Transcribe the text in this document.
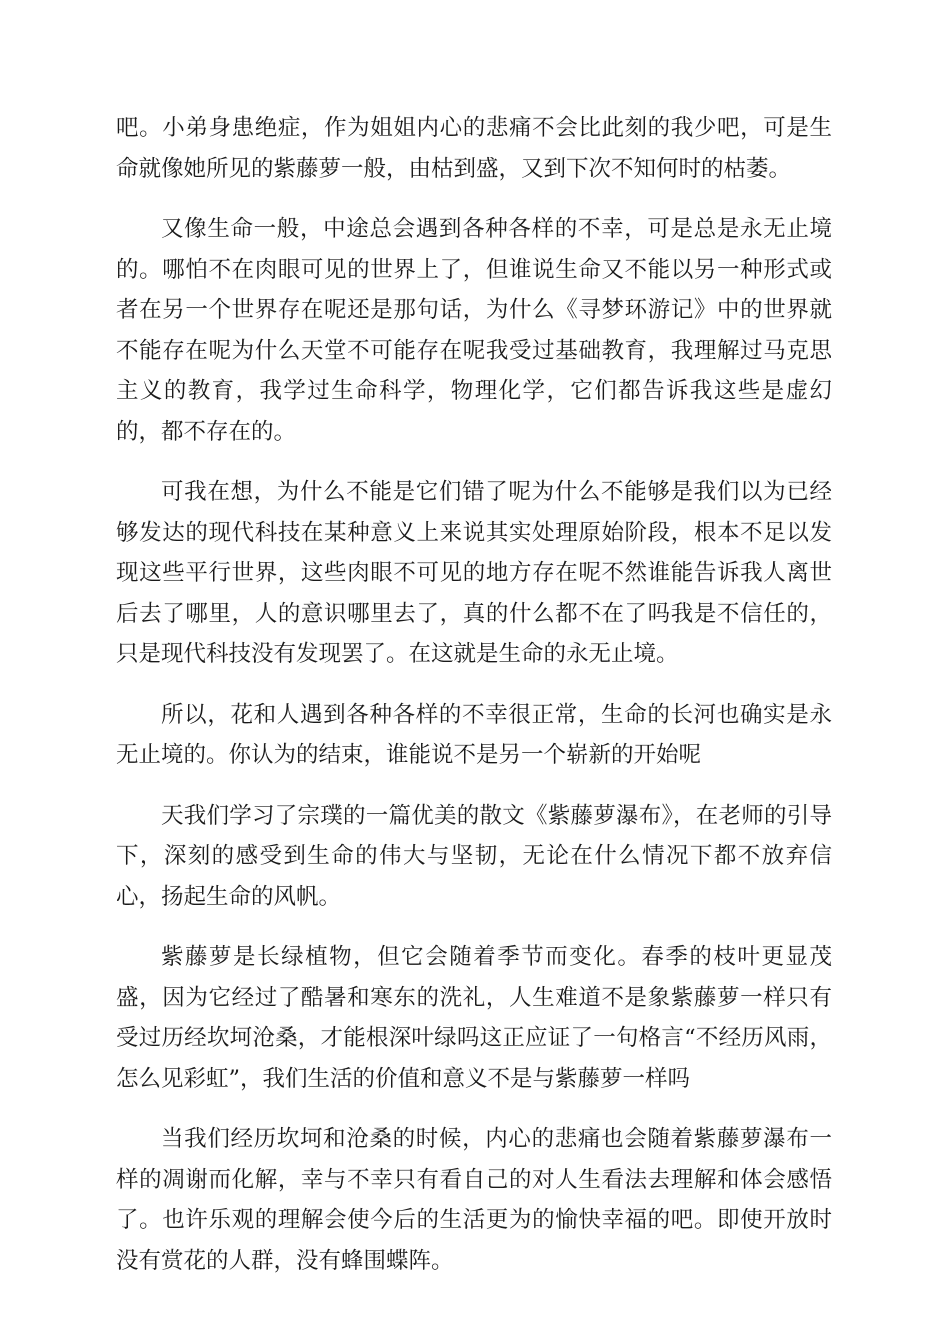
吧。小弟身患绝症，作为姐姐内心的悲痛不会比此刻的我少吧，可是生命就像她所见的紫藤萝一般，由枯到盛，又到下次不知何时的枯萎。

又像生命一般，中途总会遇到各种各样的不幸，可是总是永无止境的。哪怕不在肉眼可见的世界上了，但谁说生命又不能以另一种形式或者在另一个世界存在呢还是那句话，为什么《寻梦环游记》中的世界就不能存在呢为什么天堂不可能存在呢我受过基础教育，我理解过马克思主义的教育，我学过生命科学，物理化学，它们都告诉我这些是虚幻的，都不存在的。

可我在想，为什么不能是它们错了呢为什么不能够是我们以为已经够发达的现代科技在某种意义上来说其实处理原始阶段，根本不足以发现这些平行世界，这些肉眼不可见的地方存在呢不然谁能告诉我人离世后去了哪里，人的意识哪里去了，真的什么都不在了吗我是不信任的，只是现代科技没有发现罢了。在这就是生命的永无止境。

所以，花和人遇到各种各样的不幸很正常，生命的长河也确实是永无止境的。你认为的结束，谁能说不是另一个崭新的开始呢

天我们学习了宗璞的一篇优美的散文《紫藤萝瀑布》，在老师的引导下，深刻的感受到生命的伟大与坚韧，无论在什么情况下都不放弃信心，扬起生命的风帆。

紫藤萝是长绿植物，但它会随着季节而变化。春季的枝叶更显茂盛，因为它经过了酷暑和寒东的洗礼，人生难道不是象紫藤萝一样只有受过历经坎坷沧桑，才能根深叶绿吗这正应证了一句格言“不经历风雨，怎么见彩虹”，我们生活的价值和意义不是与紫藤萝一样吗

当我们经历坎坷和沧桑的时候，内心的悲痛也会随着紫藤萝瀑布一样的凋谢而化解，幸与不幸只有看自己的对人生看法去理解和体会感悟了。也许乐观的理解会使今后的生活更为的愉快幸福的吧。即使开放时没有赏花的人群，没有蜂围蝶阵。
